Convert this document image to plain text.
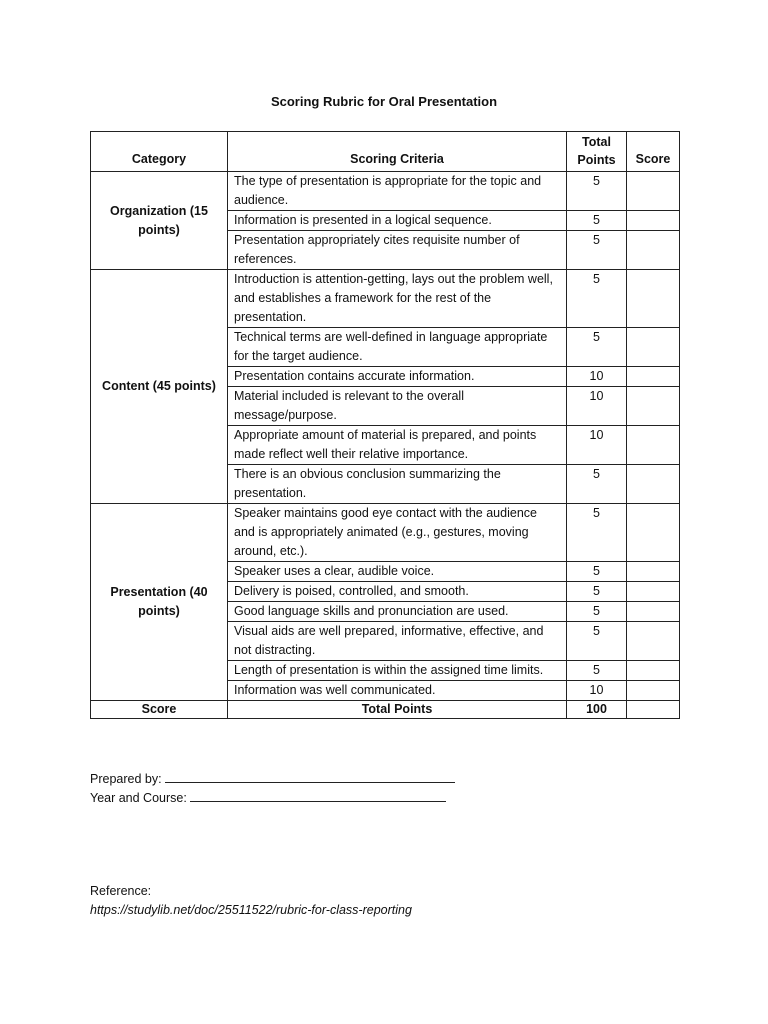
Scoring Rubric for Oral Presentation
Category	Scoring Criteria	Total Points	Score
Organization (15 points)	The type of presentation is appropriate for the topic and audience.	5	
	Information is presented in a logical sequence.	5	
	Presentation appropriately cites requisite number of references.	5	
Content (45 points)	Introduction is attention-getting, lays out the problem well, and establishes a framework for the rest of the presentation.	5	
	Technical terms are well-defined in language appropriate for the target audience.	5	
	Presentation contains accurate information.	10	
	Material included is relevant to the overall message/purpose.	10	
	Appropriate amount of material is prepared, and points made reflect well their relative importance.	10	
	There is an obvious conclusion summarizing the presentation.	5	
Presentation (40 points)	Speaker maintains good eye contact with the audience and is appropriately animated (e.g., gestures, moving around, etc.).	5	
	Speaker uses a clear, audible voice.	5	
	Delivery is poised, controlled, and smooth.	5	
	Good language skills and pronunciation are used.	5	
	Visual aids are well prepared, informative, effective, and not distracting.	5	
	Length of presentation is within the assigned time limits.	5	
	Information was well communicated.	10	
Score	Total Points	100	
Prepared by:
Year and Course:
Reference:
https://studylib.net/doc/25511522/rubric-for-class-reporting
